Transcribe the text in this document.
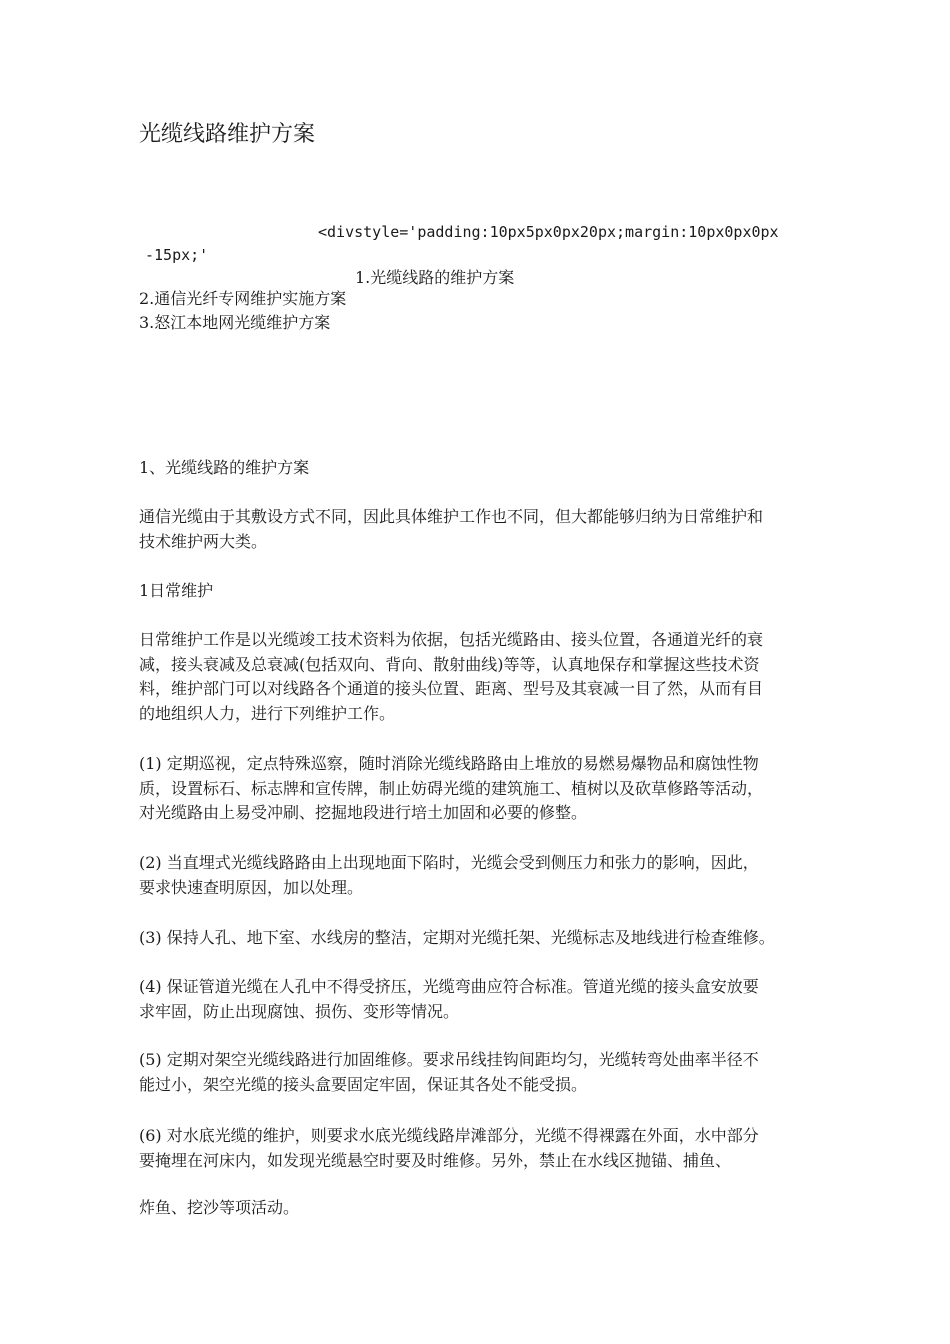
光缆线路维护方案
<divstyle='padding:10px5px0px20px;margin:10px0px0px
-15px;'
1.光缆线路的维护方案
2.通信光纤专网维护实施方案
3.怒江本地网光缆维护方案
1、光缆线路的维护方案
通信光缆由于其敷设方式不同，因此具体维护工作也不同，但大都能够归纳为日常维护和
技术维护两大类。
1日常维护
日常维护工作是以光缆竣工技术资料为依据，包括光缆路由、接头位置，各通道光纤的衰
减，接头衰减及总衰减(包括双向、背向、散射曲线)等等，认真地保存和掌握这些技术资
料，维护部门可以对线路各个通道的接头位置、距离、型号及其衰减一目了然，从而有目
的地组织人力，进行下列维护工作。
(1) 定期巡视，定点特殊巡察，随时消除光缆线路路由上堆放的易燃易爆物品和腐蚀性物
质，设置标石、标志牌和宣传牌，制止妨碍光缆的建筑施工、植树以及砍草修路等活动，
对光缆路由上易受冲刷、挖掘地段进行培土加固和必要的修整。
(2) 当直埋式光缆线路路由上出现地面下陷时，光缆会受到侧压力和张力的影响，因此，
要求快速查明原因，加以处理。
(3) 保持人孔、地下室、水线房的整洁，定期对光缆托架、光缆标志及地线进行检查维修。
(4) 保证管道光缆在人孔中不得受挤压，光缆弯曲应符合标准。管道光缆的接头盒安放要
求牢固，防止出现腐蚀、损伤、变形等情况。
(5) 定期对架空光缆线路进行加固维修。要求吊线挂钩间距均匀，光缆转弯处曲率半径不
能过小，架空光缆的接头盒要固定牢固，保证其各处不能受损。
(6) 对水底光缆的维护，则要求水底光缆线路岸滩部分，光缆不得裸露在外面，水中部分
要掩埋在河床内，如发现光缆悬空时要及时维修。另外，禁止在水线区抛锚、捕鱼、
炸鱼、挖沙等项活动。
